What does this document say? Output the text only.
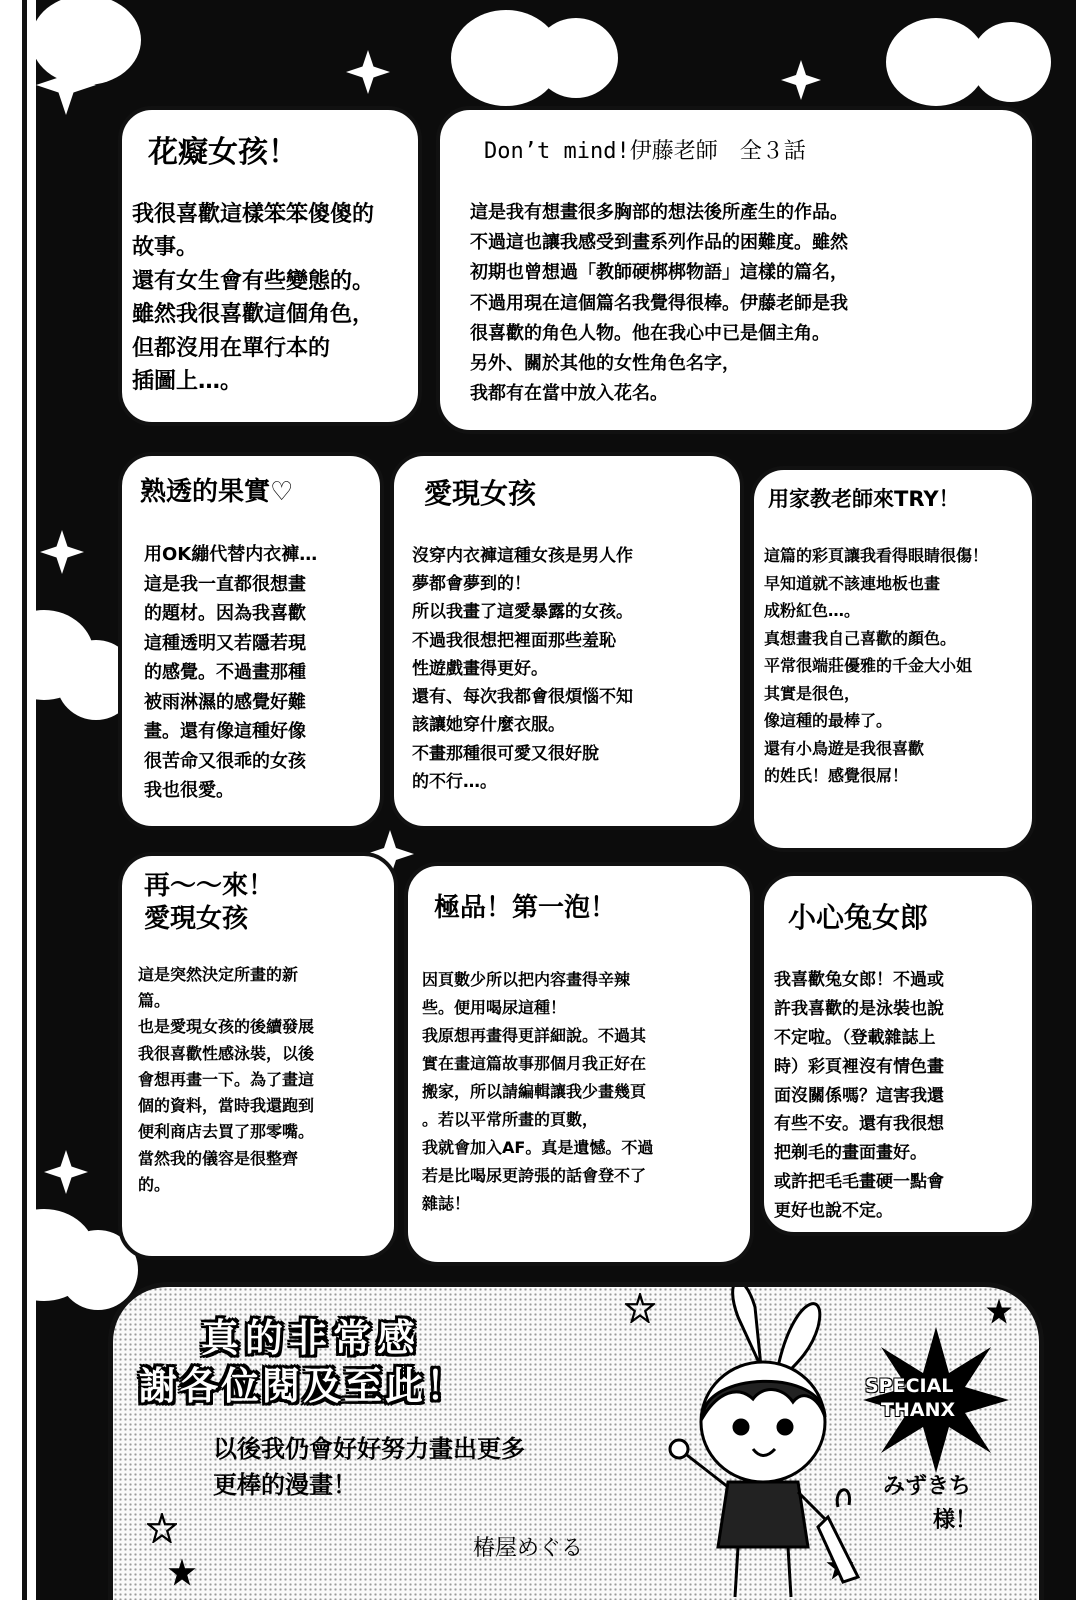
花癡女孩！
我很喜歡這樣笨笨傻傻的
故事。
還有女生會有些變態的。
雖然我很喜歡這個角色，
但都沒用在單行本的
插圖上…。
Don’t mind!伊藤老師　全３話
這是我有想畫很多胸部的想法後所產生的作品。
不過這也讓我感受到畫系列作品的困難度。雖然
初期也曾想過「教師硬梆梆物語」這樣的篇名，
不過用現在這個篇名我覺得很棒。伊藤老師是我
很喜歡的角色人物。他在我心中已是個主角。
另外、關於其他的女性角色名字，
我都有在當中放入花名。
熟透的果實♡
用OK繃代替内衣褲…
這是我一直都很想畫
的題材。因為我喜歡
這種透明又若隱若現
的感覺。不過畫那種
被雨淋濕的感覺好難
畫。還有像這種好像
很苦命又很乖的女孩
我也很愛。
愛現女孩
沒穿内衣褲這種女孩是男人作
夢都會夢到的！
所以我畫了這愛暴露的女孩。
不過我很想把裡面那些羞恥
性遊戲畫得更好。
還有、每次我都會很煩惱不知
該讓她穿什麼衣服。
不畫那種很可愛又很好脫
的不行…。
用家教老師來TRY！
這篇的彩頁讓我看得眼睛很傷！
早知道就不該連地板也畫
成粉紅色…。
真想畫我自己喜歡的顏色。
平常很端莊優雅的千金大小姐
其實是很色，
像這種的最棒了。
還有小鳥遊是我很喜歡
的姓氏！感覺很屌！
再～～來！
愛現女孩
這是突然決定所畫的新
篇。
也是愛現女孩的後續發展
我很喜歡性感泳裝，以後
會想再畫一下。為了畫這
個的資料，當時我還跑到
便利商店去買了那零嘴。
當然我的儀容是很整齊
的。
極品！第一泡！
因頁數少所以把内容畫得辛辣
些。便用喝尿這種！
我原想再畫得更詳細說。不過其
實在畫這篇故事那個月我正好在
搬家，所以請編輯讓我少畫幾頁
。若以平常所畫的頁數，
我就會加入AF。真是遺憾。不過
若是比喝尿更誇張的話會登不了
雜誌！
小心兔女郎
我喜歡兔女郎！不過或
許我喜歡的是泳裝也說
不定啦。（登載雜誌上
時）彩頁裡沒有情色畫
面沒關係嗎？這害我還
有些不安。還有我很想
把剃毛的畫面畫好。
或許把毛毛畫硬一點會
更好也說不定。
真的非常感
謝各位閱及至此！
以後我仍會好好努力畫出更多
更棒的漫畫！
椿屋めぐる
SPECIAL
THANX
みずきち
様！
